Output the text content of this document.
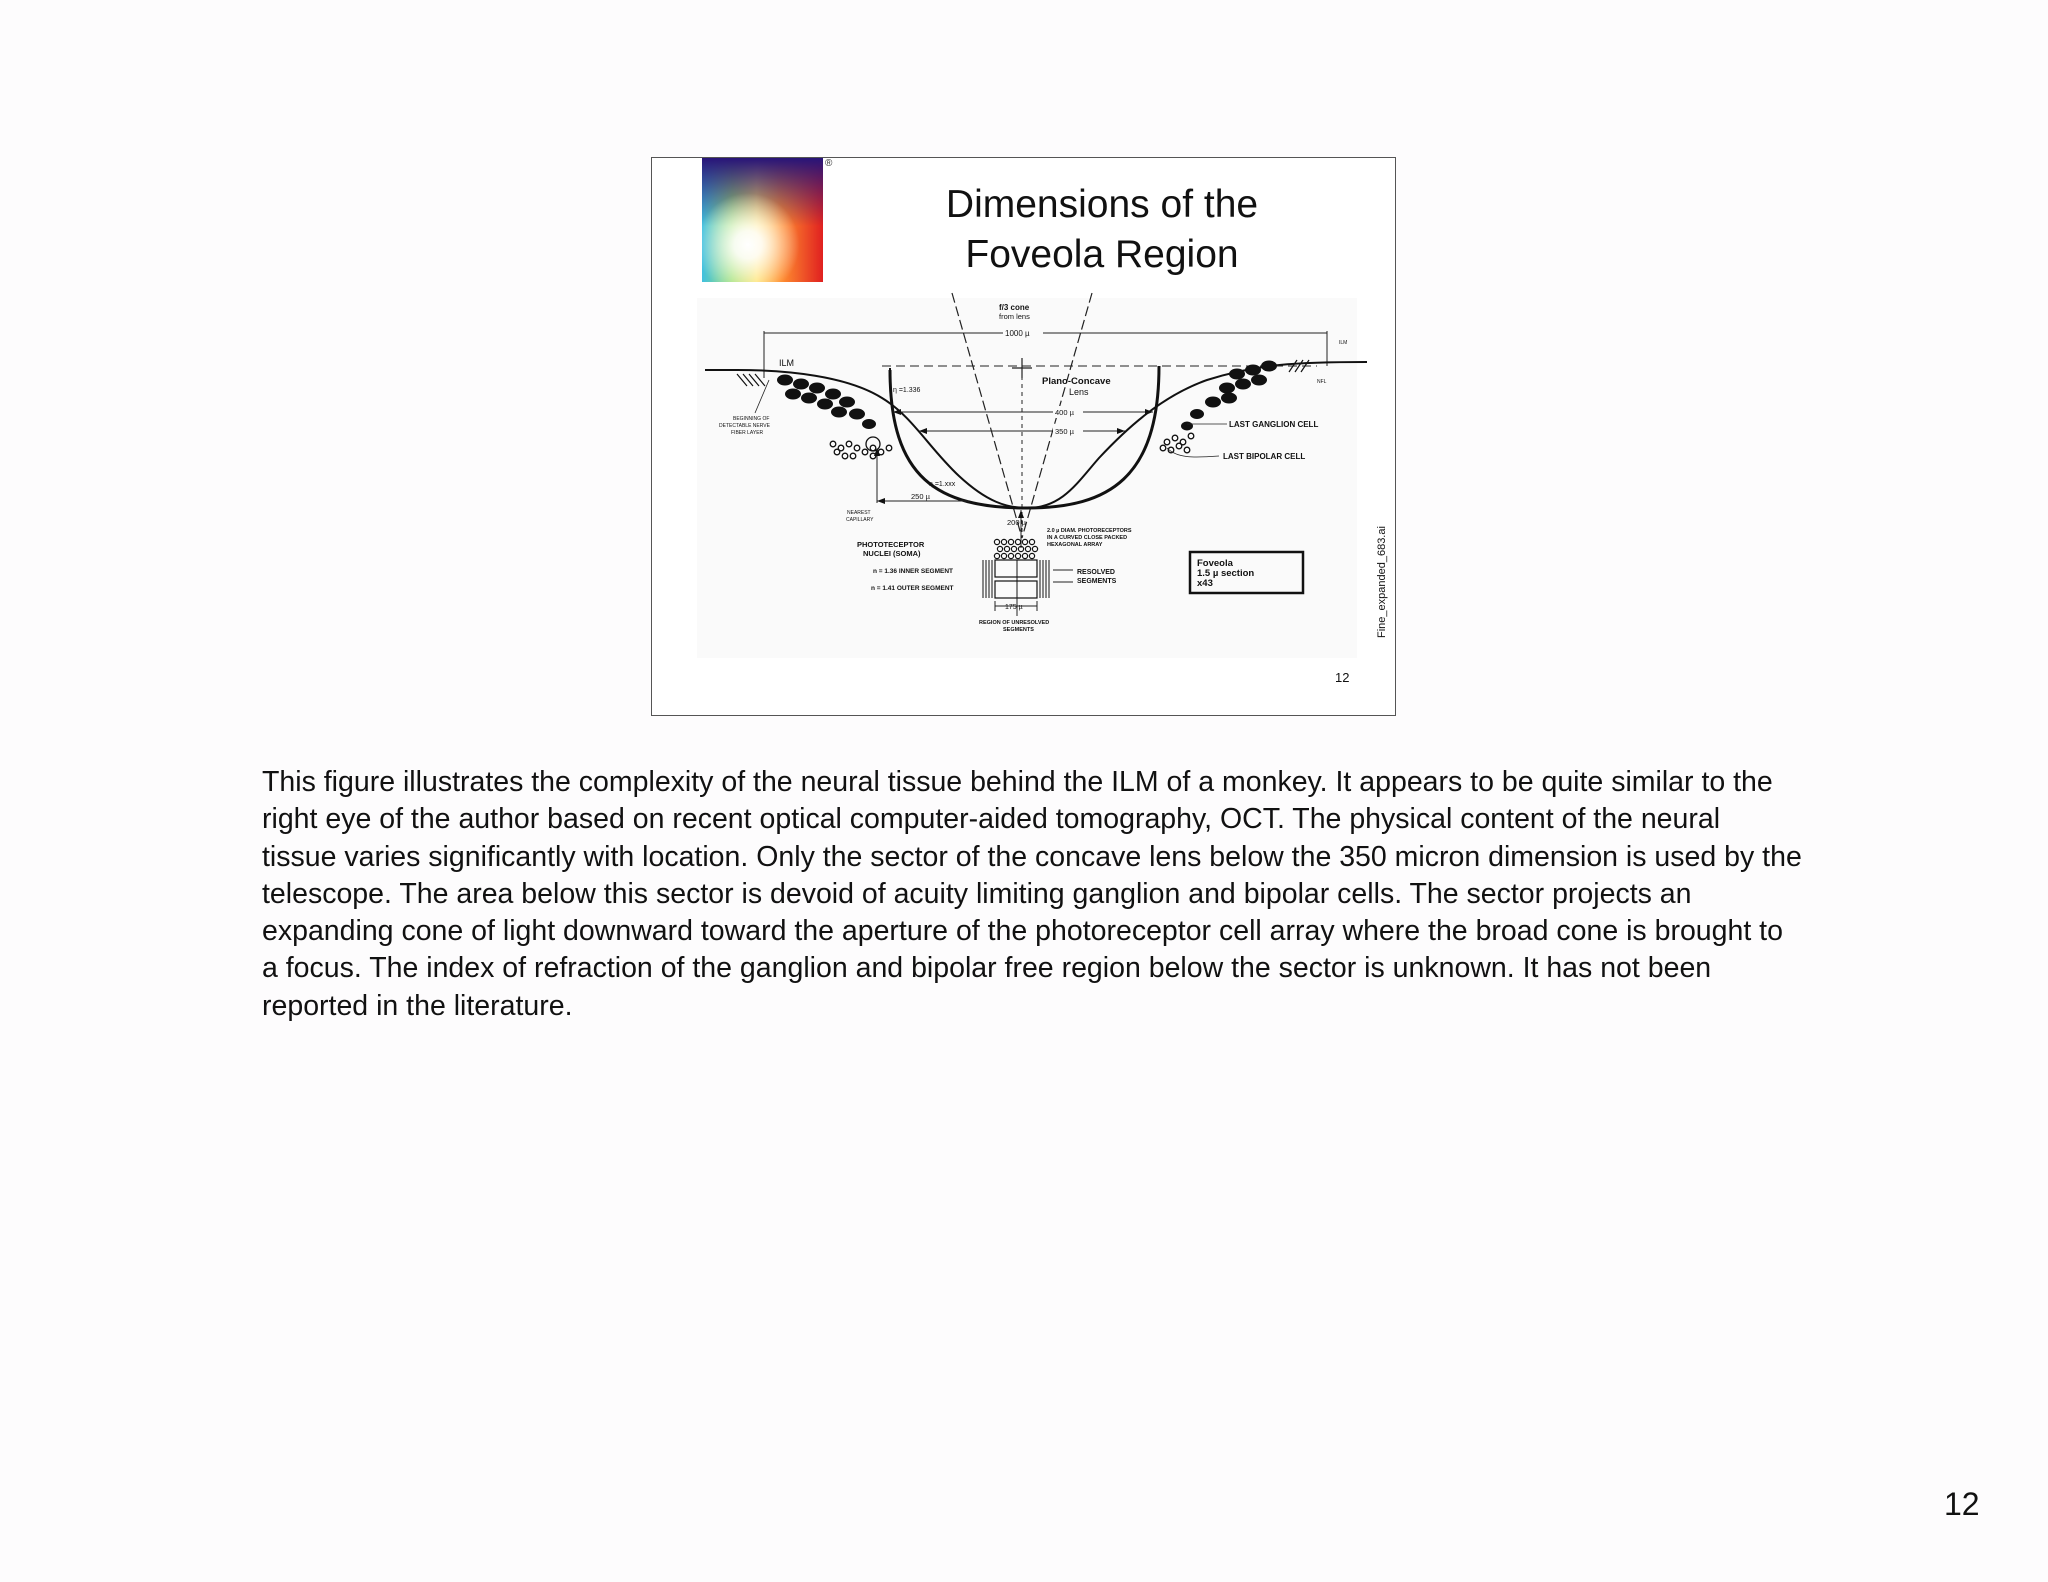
®
Dimensions of the
Foveola Region
f/3 cone
from lens
1000 µ
ILM
ILM
NFL
BEGINNING OF
DETECTABLE NERVE
FIBER LAYER
η =1.336
η =1.xxx
Plano-Concave
Lens
400 µ
350 µ
LAST GANGLION CELL
LAST BIPOLAR CELL
250 µ
NEAREST
CAPILLARY	200 µ
2.0 µ DIAM. PHOTORECEPTORS
IN A CURVED CLOSE PACKED
HEXAGONAL ARRAY
PHOTOTECEPTOR
NUCLEI (SOMA)
n = 1.36 INNER SEGMENT
n = 1.41 OUTER SEGMENT
RESOLVED
SEGMENTS
175 µ
REGION OF UNRESOLVED
SEGMENTS
Foveola
1.5 µ section
x43	Fine_expanded_683.ai
12

This figure illustrates the complexity of the neural tissue behind the ILM of a monkey. It appears to be quite similar to the right eye of the author based on recent optical computer-aided tomography, OCT. The physical content of the neural tissue varies significantly with location. Only the sector of the concave lens below the 350 micron dimension is used by the telescope. The area below this sector is devoid of acuity limiting ganglion and bipolar cells. The sector projects an expanding cone of light downward toward the aperture of the photoreceptor cell array where the broad cone is brought to a focus. The index of refraction of the ganglion and bipolar free region below the sector is unknown. It has not been reported in the literature.

12
